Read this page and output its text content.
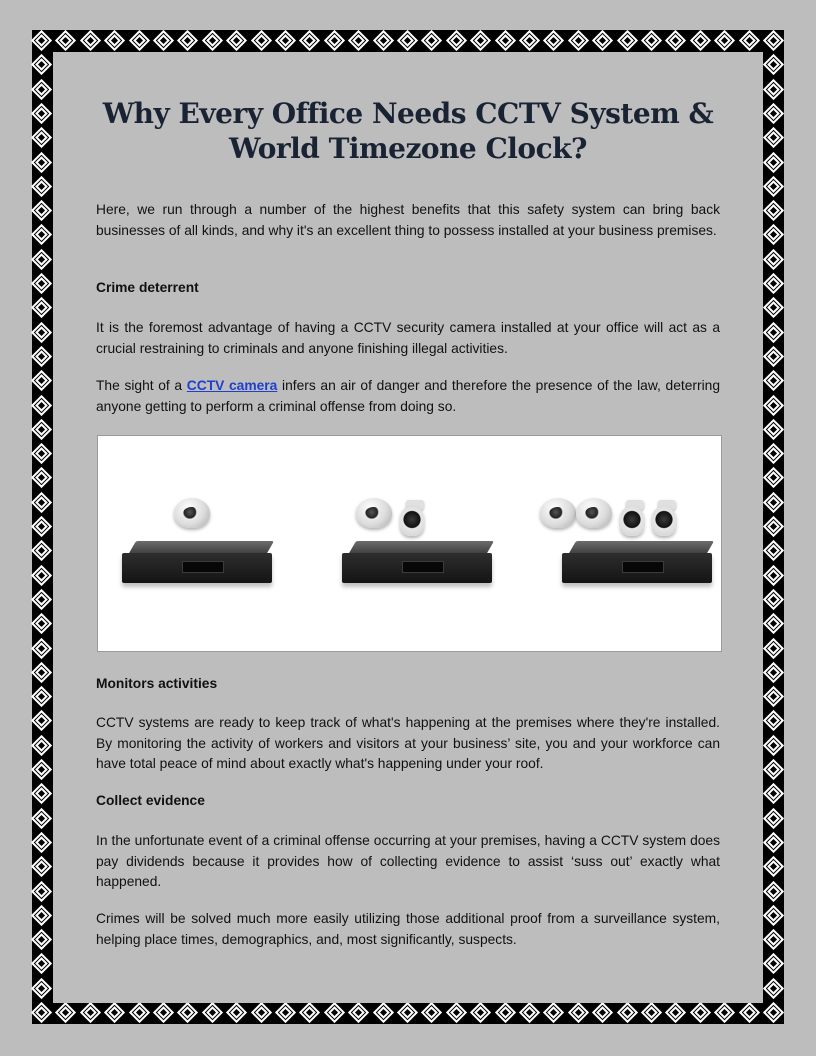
Why Every Office Needs CCTV System & World Timezone Clock?

Here, we run through a number of the highest benefits that this safety system can bring back businesses of all kinds, and why it's an excellent thing to possess installed at your business premises.

Crime deterrent

It is the foremost advantage of having a CCTV security camera installed at your office will act as a crucial restraining to criminals and anyone finishing illegal activities.

The sight of a CCTV camera infers an air of danger and therefore the presence of the law, deterring anyone getting to perform a criminal offense from doing so.

Monitors activities

CCTV systems are ready to keep track of what's happening at the premises where they're installed. By monitoring the activity of workers and visitors at your business’ site, you and your workforce can have total peace of mind about exactly what's happening under your roof.

Collect evidence

In the unfortunate event of a criminal offense occurring at your premises, having a CCTV system does pay dividends because it provides how of collecting evidence to assist ‘suss out’ exactly what happened.

Crimes will be solved much more easily utilizing those additional proof from a surveillance system, helping place times, demographics, and, most significantly, suspects.
